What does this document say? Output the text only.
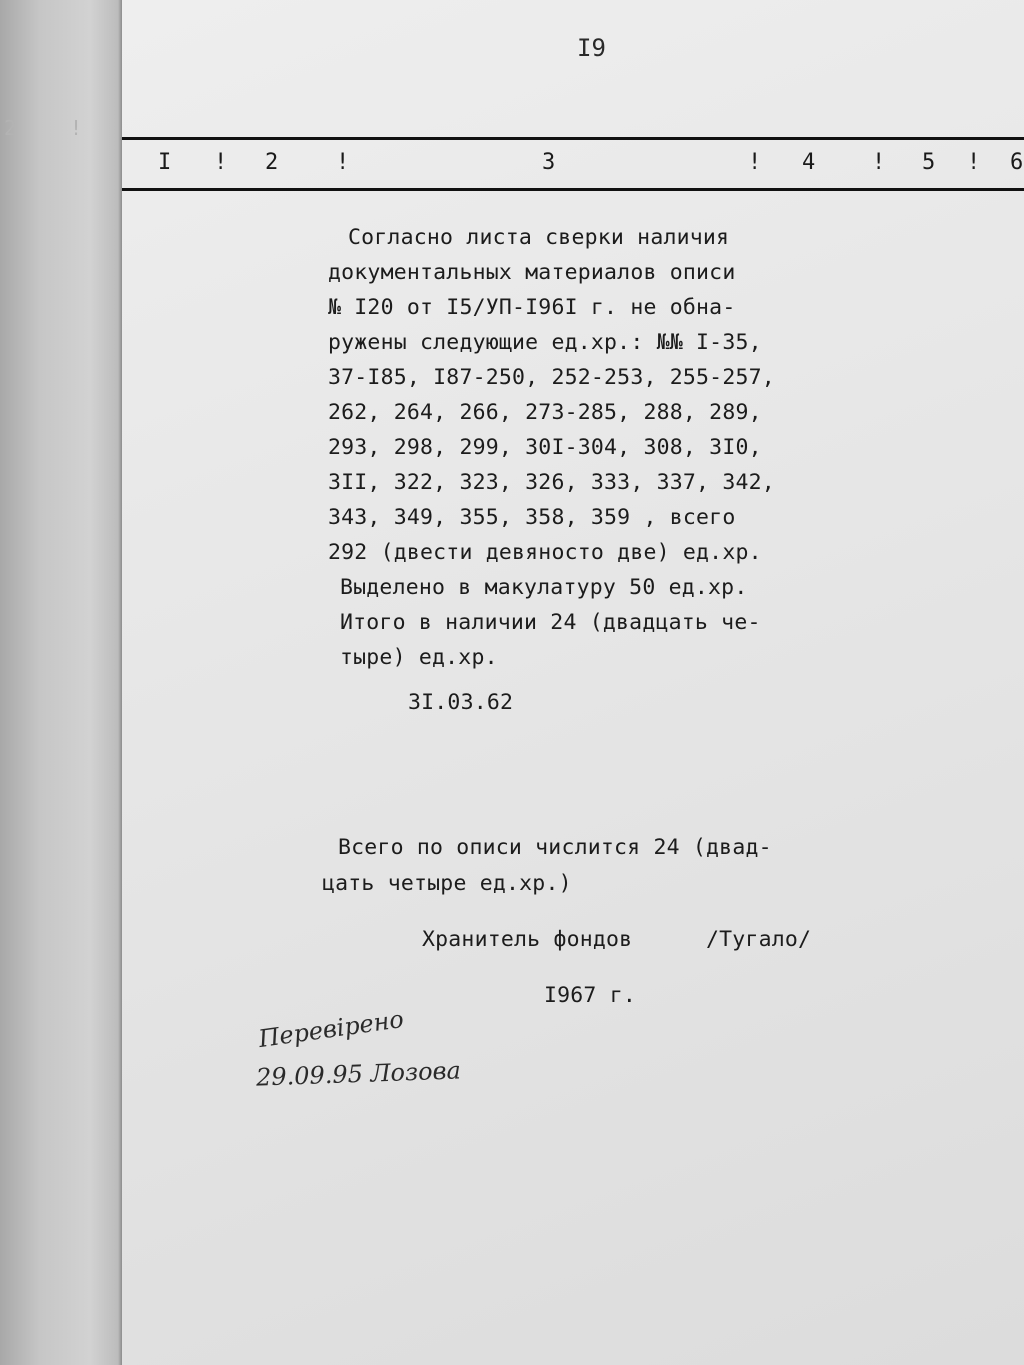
2	!
I9
I ! 2	!	3	! 4	! 5 ! 6
Согласно листа сверки наличия
документальных материалов описи
№ I20 от I5/УП-I96I г. не обна-
ружены следующие ед.хр.: №№ I-35,
37-I85, I87-250, 252-253, 255-257,
262, 264, 266, 273-285, 288, 289,
293, 298, 299, 30I-304, 308, 3I0,
3II, 322, 323, 326, 333, 337, 342,
343, 349, 355, 358, 359 , всего
292 (двести девяносто две) ед.хр.
Выделено в макулатуру 50 ед.хр.
Итого в наличии 24 (двадцать че-
тыре) ед.хр.
3I.03.62
Всего по описи числится 24 (двад-
цать четыре ед.хр.)
Хранитель фондов	/Тугало/
I967 г.
Перевірено
29.09.95 Лозова
